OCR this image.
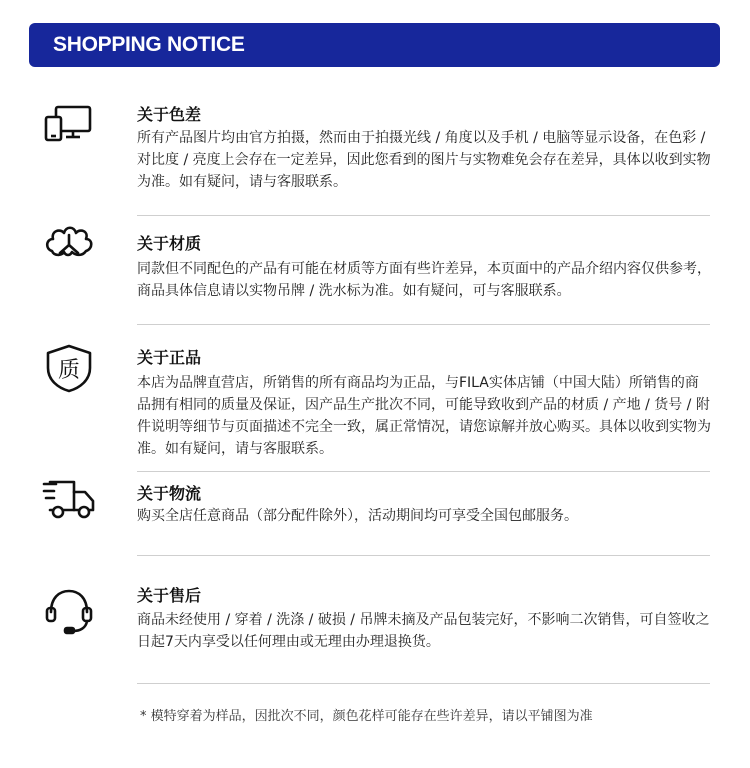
SHOPPING NOTICE
关于色差
所有产品图片均由官方拍摄，然而由于拍摄光线 / 角度以及手机 / 电脑等显示设备，在色彩 / 对比度 / 亮度上会存在一定差异，因此您看到的图片与实物难免会存在差异，具体以收到实物为准。如有疑问，请与客服联系。
关于材质
同款但不同配色的产品有可能在材质等方面有些许差异，本页面中的产品介绍内容仅供参考，商品具体信息请以实物吊牌 / 洗水标为准。如有疑问，可与客服联系。
质
关于正品
本店为品牌直营店，所销售的所有商品均为正品，与FILA实体店铺（中国大陆）所销售的商品拥有相同的质量及保证，因产品生产批次不同，可能导致收到产品的材质 / 产地 / 货号 / 附件说明等细节与页面描述不完全一致，属正常情况，请您谅解并放心购买。具体以收到实物为准。如有疑问，请与客服联系。
关于物流
购买全店任意商品（部分配件除外），活动期间均可享受全国包邮服务。
关于售后
商品未经使用 / 穿着 / 洗涤 / 破损 / 吊牌未摘及产品包装完好，不影响二次销售，可自签收之日起7天内享受以任何理由或无理由办理退换货。
* 模特穿着为样品，因批次不同，颜色花样可能存在些许差异，请以平铺图为准
